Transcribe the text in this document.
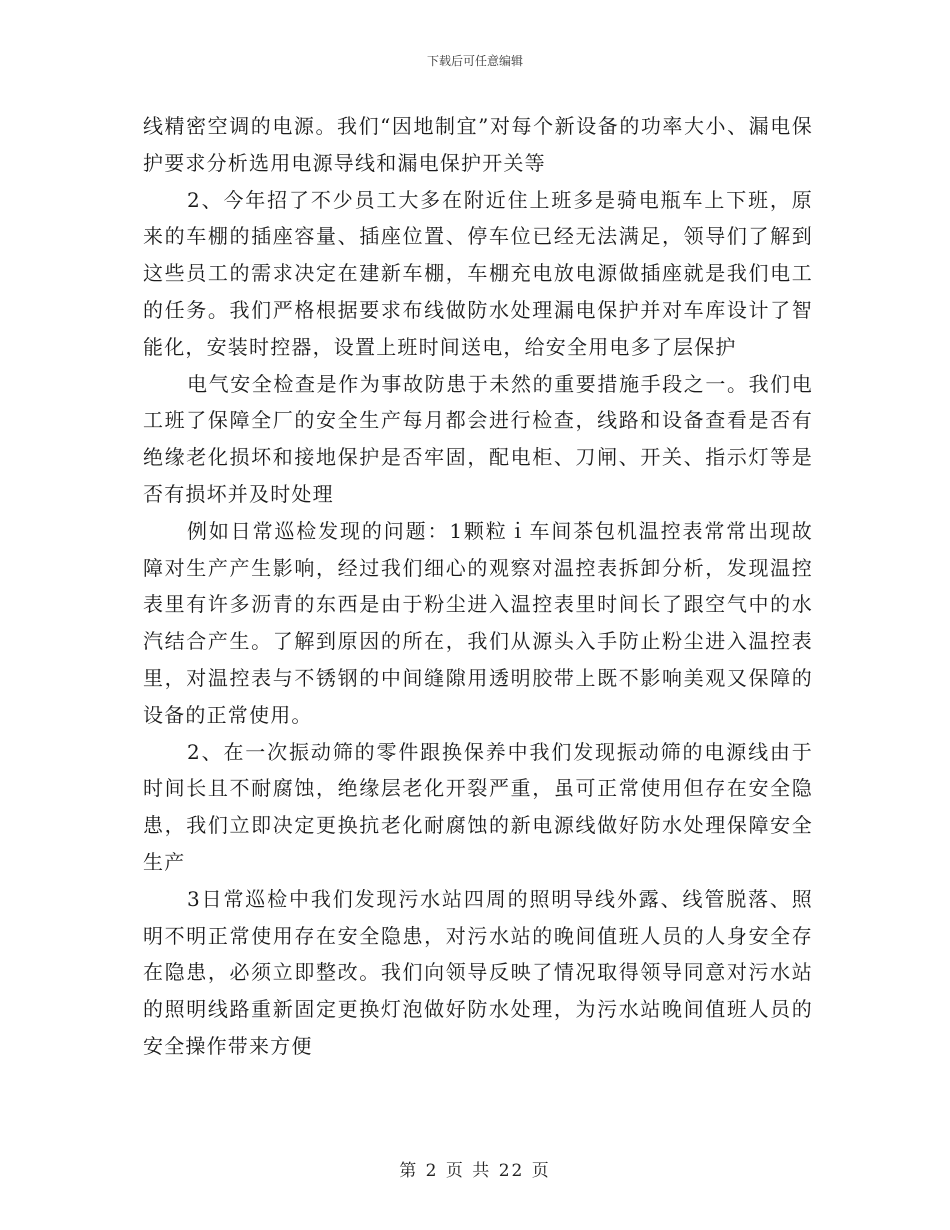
下载后可任意编辑

线精密空调的电源。我们“因地制宜”对每个新设备的功率大小、漏电保护要求分析选用电源导线和漏电保护开关等

2、今年招了不少员工大多在附近住上班多是骑电瓶车上下班，原来的车棚的插座容量、插座位置、停车位已经无法满足，领导们了解到这些员工的需求决定在建新车棚，车棚充电放电源做插座就是我们电工的任务。我们严格根据要求布线做防水处理漏电保护并对车库设计了智能化，安装时控器，设置上班时间送电，给安全用电多了层保护

电气安全检查是作为事故防患于未然的重要措施手段之一。我们电工班了保障全厂的安全生产每月都会进行检查，线路和设备查看是否有绝缘老化损坏和接地保护是否牢固，配电柜、刀闸、开关、指示灯等是否有损坏并及时处理

例如日常巡检发现的问题：1颗粒ｉ车间茶包机温控表常常出现故障对生产产生影响，经过我们细心的观察对温控表拆卸分析，发现温控表里有许多沥青的东西是由于粉尘进入温控表里时间长了跟空气中的水汽结合产生。了解到原因的所在，我们从源头入手防止粉尘进入温控表里，对温控表与不锈钢的中间缝隙用透明胶带上既不影响美观又保障的设备的正常使用。

2、在一次振动筛的零件跟换保养中我们发现振动筛的电源线由于时间长且不耐腐蚀，绝缘层老化开裂严重，虽可正常使用但存在安全隐患，我们立即决定更换抗老化耐腐蚀的新电源线做好防水处理保障安全生产

3日常巡检中我们发现污水站四周的照明导线外露、线管脱落、照明不明正常使用存在安全隐患，对污水站的晚间值班人员的人身安全存在隐患，必须立即整改。我们向领导反映了情况取得领导同意对污水站的照明线路重新固定更换灯泡做好防水处理，为污水站晚间值班人员的安全操作带来方便

第 2 页 共 22 页
